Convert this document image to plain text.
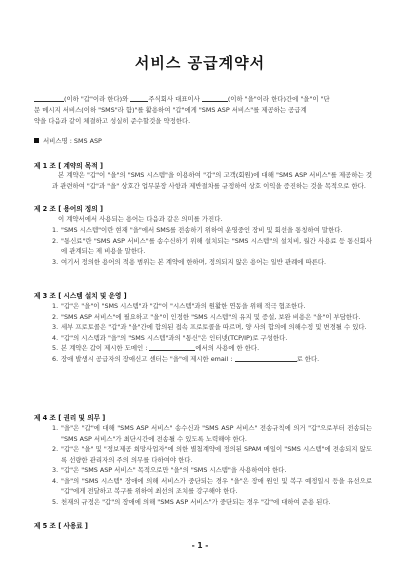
서비스 공급계약서
(이하 "갑"이라 한다)와	주식회사 대표이사	(이하 "을"이라 한다)간에 "을"이 "단
문 메시지 서비스(이하 "SMS"라 함)"를 활용하여 "갑"에게 "SMS ASP 서비스"를 제공하는 공급계
약을 다음과 같이 체결하고 성실히 준수할것을 약정한다.
서비스명 : SMS ASP
제 1 조 [ 계약의 목적 ]
본 계약은 "갑"이 "을"의 "SMS 시스템"을 이용하여 "갑"의 고객(회원)에 대해 "SMS ASP 서비스"를 제공하는 것과 관련하여 "갑"과 "을" 상호간 업무분장 사항과 제반절차를 규정하여 상호 이익을 증진하는 것을 목적으로 한다.
제 2 조 [ 용어의 정의 ]
이 계약서에서 사용되는 용어는 다음과 같은 의미를 가진다.
1. "SMS 시스템"이란 현재 "을"에서 SMS를 전송하기 위하여 운영중인 장비 및 회선을 통칭하여 말한다.
2. "통신료"란 "SMS ASP 서비스"를 송수신하기 위해 설치되는 "SMS 시스템"의 설치비, 월간 사용료 등 통신회사에 관계되는 제 비용을 말한다.
3. 여기서 정의한 용어의 적용 범위는 본 계약에 한하며, 정의되지 않은 용어는 일반 관례에 따른다.
제 3 조 [ 시스템 설치 및 운영 ]
1. "갑"은 "을"이 "SMS 시스템"과 "갑"이 "시스템"과의 원활한 연동을 위해 적극 협조한다.
2. "SMS ASP 서비스"에 필요하고 "을"이 인정한 "SMS 시스템"의 유지 및 증설, 보완 비용은 "을"이 부담한다.
3. 세부 프로토콜은 "갑"과 "을"간에 합의된 접속 프로토콜을 따르며, 양 사의 합의에 의해수정 및 변경될 수 있다.
4. "갑"의 시스템과 "을"의 "SMS 시스템"과의 "통신"은 인터넷(TCP/IP)로 구성한다.
5. 본 계약은 갑이 제시한 도메인 :	에서의 사용에 한 한다.
6. 장애 발생시 공급자의 장애신고 센터는 "을"에 제시한 email :	로 한다.
제 4 조 [ 권리 및 의무 ]
1. "을"은 "갑"에 대해 "SMS ASP 서비스" 송수신과 "SMS ASP 서비스" 전송규칙에 의거 "갑"으로부터 전송되는 "SMS ASP 서비스"가 최단시간에 전송될 수 있도록 노력해야 한다.
2. "갑"은 "을" 및 "정보제공 희망사업자"에 의한 별첨계약에 정의된 SPAM 메일이 "SMS 시스템"에 전송되지 않도록 선량한 관리자의 주의 의무를 다하여야 한다.
3. "갑"은 "SMS ASP 서비스" 목적으로만 "을"의 "SMS 시스템"을 사용하여야 한다.
4. "을"의 "SMS 시스템" 장애에 의해 서비스가 중단되는 경우 "을"은 장애 원인 및 복구 예정일시 등을 유선으로 "갑"에게 전달하고 복구를 위하여 최선의 조치를 강구해야 한다.
5. 천재의 규정은 "갑"의 장애에 의해 "SMS ASP 서비스"가 중단되는 경우 "갑"에 대하여 준용 된다.
제 5 조 [ 사용료 ]
- 1 -
